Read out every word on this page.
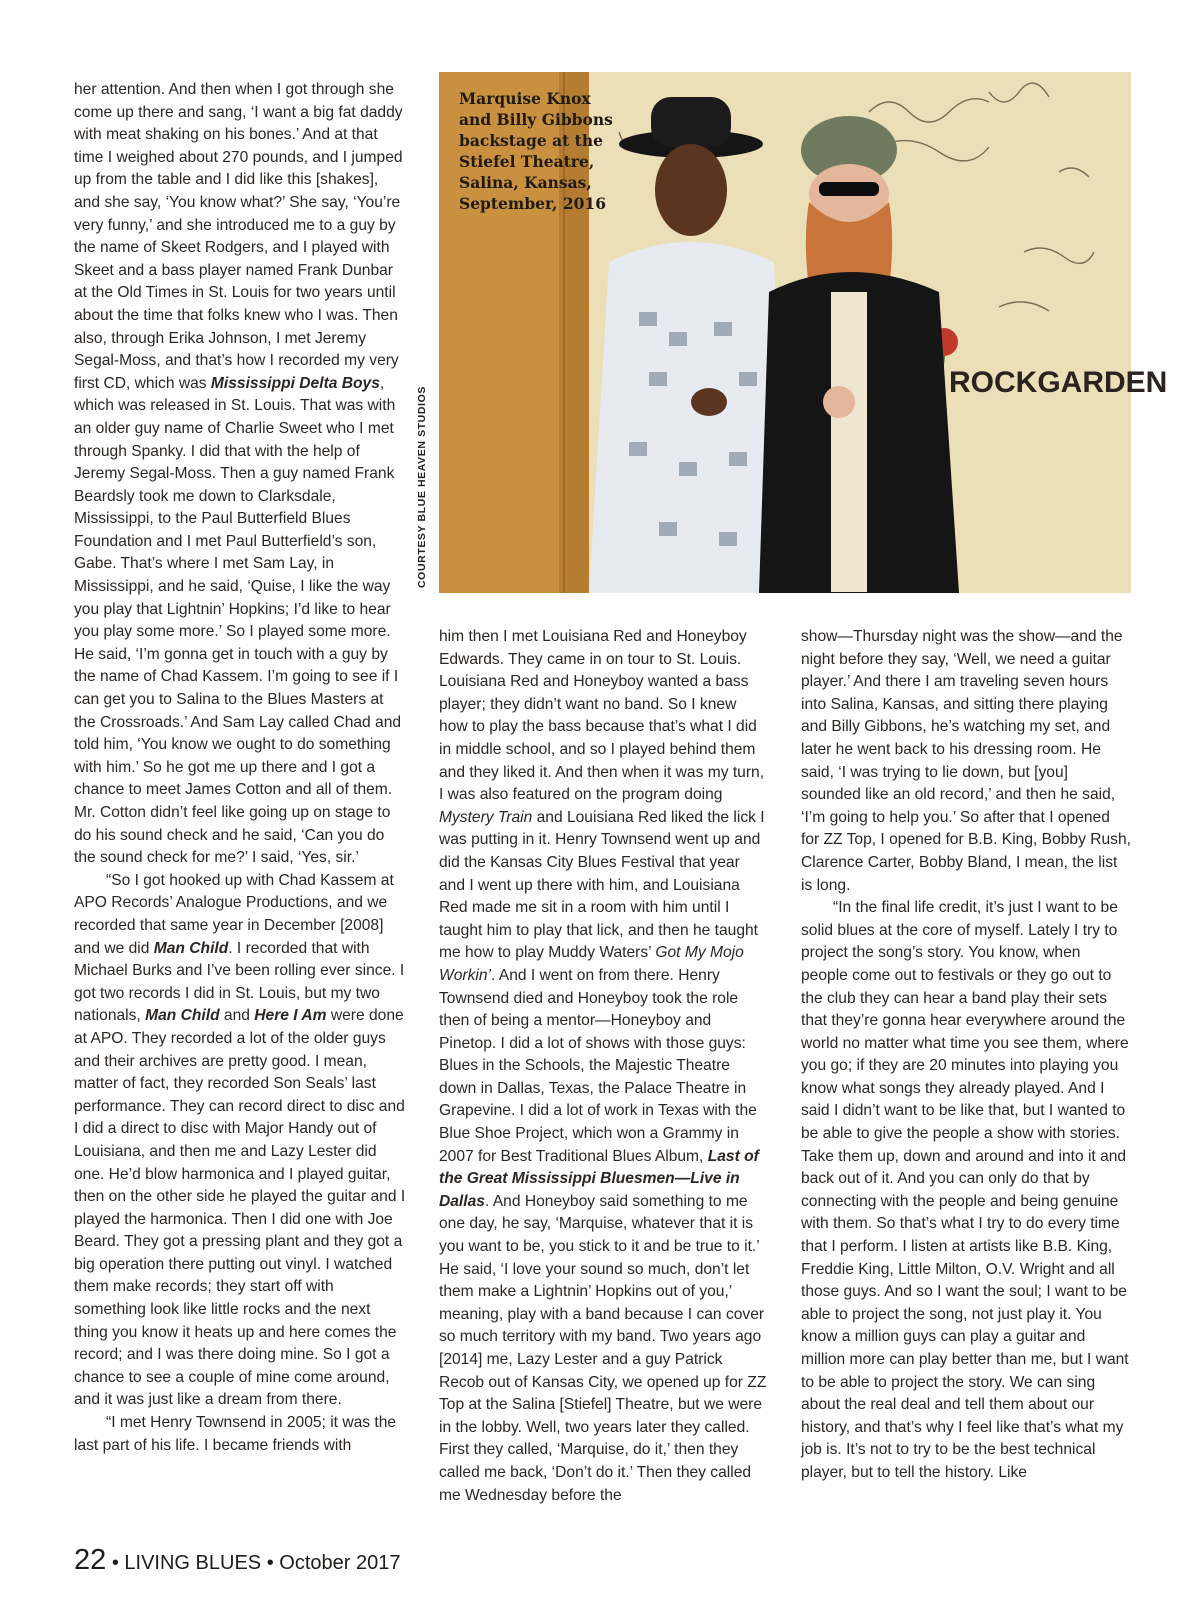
her attention. And then when I got through she come up there and sang, ‘I want a big fat daddy with meat shaking on his bones.’ And at that time I weighed about 270 pounds, and I jumped up from the table and I did like this [shakes], and she say, ‘You know what?’ She say, ‘You’re very funny,’ and she introduced me to a guy by the name of Skeet Rodgers, and I played with Skeet and a bass player named Frank Dunbar at the Old Times in St. Louis for two years until about the time that folks knew who I was. Then also, through Erika Johnson, I met Jeremy Segal-Moss, and that’s how I recorded my very first CD, which was Mississippi Delta Boys, which was released in St. Louis. That was with an older guy name of Charlie Sweet who I met through Spanky. I did that with the help of Jeremy Segal-Moss. Then a guy named Frank Beardsly took me down to Clarksdale, Mississippi, to the Paul Butterfield Blues Foundation and I met Paul Butterfield’s son, Gabe. That’s where I met Sam Lay, in Mississippi, and he said, ‘Quise, I like the way you play that Lightnin’ Hopkins; I’d like to hear you play some more.’ So I played some more. He said, ‘I’m gonna get in touch with a guy by the name of Chad Kassem. I’m going to see if I can get you to Salina to the Blues Masters at the Crossroads.’ And Sam Lay called Chad and told him, ‘You know we ought to do something with him.’ So he got me up there and I got a chance to meet James Cotton and all of them. Mr. Cotton didn’t feel like going up on stage to do his sound check and he said, ‘Can you do the sound check for me?’ I said, ‘Yes, sir.’

“So I got hooked up with Chad Kassem at APO Records’ Analogue Productions, and we recorded that same year in December [2008] and we did Man Child. I recorded that with Michael Burks and I’ve been rolling ever since. I got two records I did in St. Louis, but my two nationals, Man Child and Here I Am were done at APO. They recorded a lot of the older guys and their archives are pretty good. I mean, matter of fact, they recorded Son Seals’ last performance. They can record direct to disc and I did a direct to disc with Major Handy out of Louisiana, and then me and Lazy Lester did one. He’d blow harmonica and I played guitar, then on the other side he played the guitar and I played the harmonica. Then I did one with Joe Beard. They got a pressing plant and they got a big operation there putting out vinyl. I watched them make records; they start off with something look like little rocks and the next thing you know it heats up and here comes the record; and I was there doing mine. So I got a chance to see a couple of mine come around, and it was just like a dream from there.

“I met Henry Townsend in 2005; it was the last part of his life. I became friends with

ROCKGARDEN
Marquise Knox and Billy Gibbons backstage at the Stiefel Theatre, Salina, Kansas, September, 2016
COURTESY BLUE HEAVEN STUDIOS

him then I met Louisiana Red and Honeyboy Edwards. They came in on tour to St. Louis. Louisiana Red and Honeyboy wanted a bass player; they didn’t want no band. So I knew how to play the bass because that’s what I did in middle school, and so I played behind them and they liked it. And then when it was my turn, I was also featured on the program doing Mystery Train and Louisiana Red liked the lick I was putting in it. Henry Townsend went up and did the Kansas City Blues Festival that year and I went up there with him, and Louisiana Red made me sit in a room with him until I taught him to play that lick, and then he taught me how to play Muddy Waters’ Got My Mojo Workin’. And I went on from there. Henry Townsend died and Honeyboy took the role then of being a mentor—Honeyboy and Pinetop. I did a lot of shows with those guys: Blues in the Schools, the Majestic Theatre down in Dallas, Texas, the Palace Theatre in Grapevine. I did a lot of work in Texas with the Blue Shoe Project, which won a Grammy in 2007 for Best Traditional Blues Album, Last of the Great Mississippi Bluesmen—Live in Dallas. And Honeyboy said something to me one day, he say, ‘Marquise, whatever that it is you want to be, you stick to it and be true to it.’ He said, ‘I love your sound so much, don’t let them make a Lightnin’ Hopkins out of you,’ meaning, play with a band because I can cover so much territory with my band. Two years ago [2014] me, Lazy Lester and a guy Patrick Recob out of Kansas City, we opened up for ZZ Top at the Salina [Stiefel] Theatre, but we were in the lobby. Well, two years later they called. First they called, ‘Marquise, do it,’ then they called me back, ‘Don’t do it.’ Then they called me Wednesday before the

show—Thursday night was the show—and the night before they say, ‘Well, we need a guitar player.’ And there I am traveling seven hours into Salina, Kansas, and sitting there playing and Billy Gibbons, he’s watching my set, and later he went back to his dressing room. He said, ‘I was trying to lie down, but [you] sounded like an old record,’ and then he said, ‘I’m going to help you.’ So after that I opened for ZZ Top, I opened for B.B. King, Bobby Rush, Clarence Carter, Bobby Bland, I mean, the list is long.

“In the final life credit, it’s just I want to be solid blues at the core of myself. Lately I try to project the song’s story. You know, when people come out to festivals or they go out to the club they can hear a band play their sets that they’re gonna hear everywhere around the world no matter what time you see them, where you go; if they are 20 minutes into playing you know what songs they already played. And I said I didn’t want to be like that, but I wanted to be able to give the people a show with stories. Take them up, down and around and into it and back out of it. And you can only do that by connecting with the people and being genuine with them. So that’s what I try to do every time that I perform. I listen at artists like B.B. King, Freddie King, Little Milton, O.V. Wright and all those guys. And so I want the soul; I want to be able to project the song, not just play it. You know a million guys can play a guitar and million more can play better than me, but I want to be able to project the story. We can sing about the real deal and tell them about our history, and that’s why I feel like that’s what my job is. It’s not to try to be the best technical player, but to tell the history. Like

22 • LIVING BLUES • October 2017
